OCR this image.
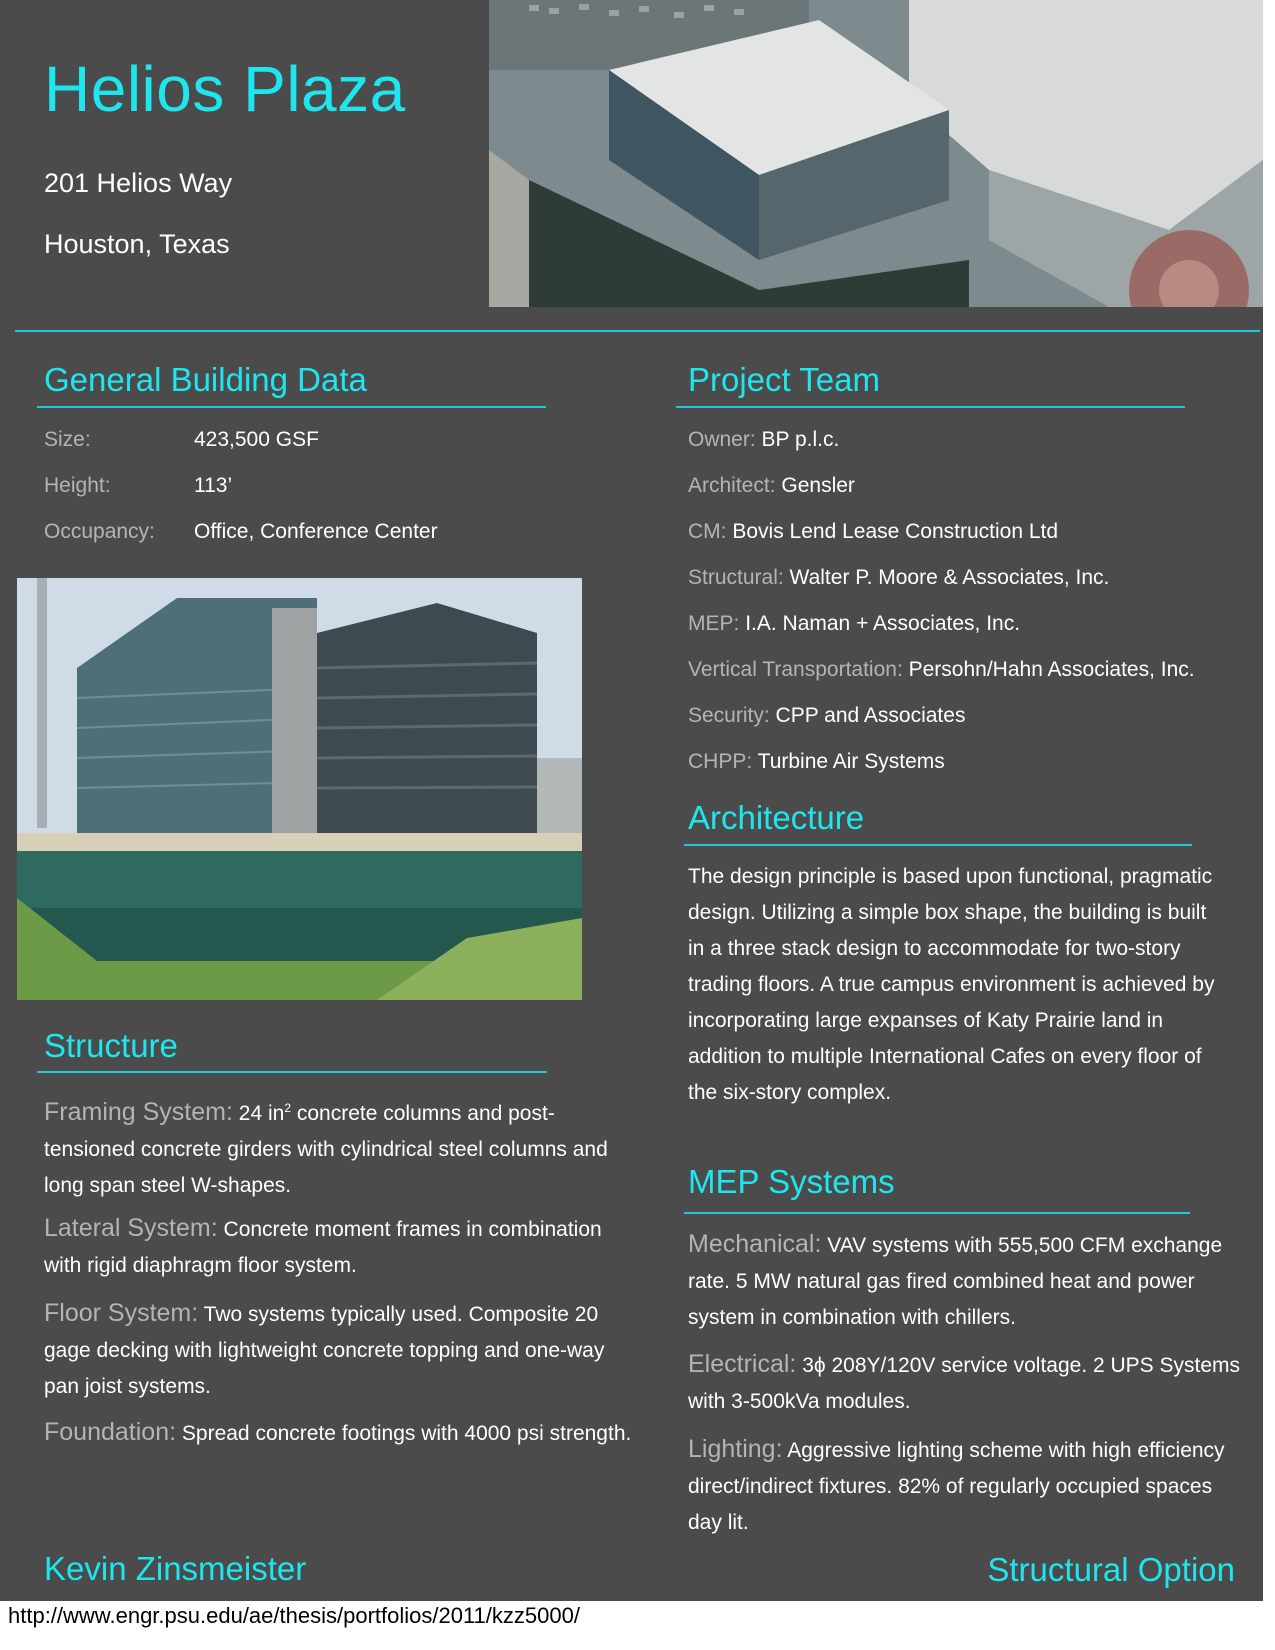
Helios Plaza
201 Helios Way
Houston, Texas
General Building Data
Size:	423,500 GSF
Height:	113’
Occupancy: Office, Conference Center
Structure
Framing System: 24 $in^2$ concrete columns and post-tensioned concrete girders with cylindrical steel columns and long span steel W-shapes.
Lateral System: Concrete moment frames in combination with rigid diaphragm floor system.
Floor System: Two systems typically used. Composite 20 gage decking with lightweight concrete topping and one-way pan joist systems.
Foundation: Spread concrete footings with 4000 psi strength.
Project Team
Owner: BP p.l.c.
Architect: Gensler
CM: Bovis Lend Lease Construction Ltd
Structural: Walter P. Moore & Associates, Inc.
MEP: I.A. Naman + Associates, Inc.
Vertical Transportation: Persohn/Hahn Associates, Inc.
Security: CPP and Associates
CHPP: Turbine Air Systems
Architecture
The design principle is based upon functional, pragmatic design. Utilizing a simple box shape, the building is built in a three stack design to accommodate for two-story trading floors. A true campus environment is achieved by incorporating large expanses of Katy Prairie land in addition to multiple International Cafes on every floor of the six-story complex.
MEP Systems
Mechanical: VAV systems with 555,500 CFM exchange rate. 5 MW natural gas fired combined heat and power system in combination with chillers.
Electrical: 3ϕ 208Y/120V service voltage. 2 UPS Systems with 3-500kVa modules.
Lighting: Aggressive lighting scheme with high efficiency direct/indirect fixtures. 82% of regularly occupied spaces day lit.
Kevin Zinsmeister	Structural Option
http://www.engr.psu.edu/ae/thesis/portfolios/2011/kzz5000/
